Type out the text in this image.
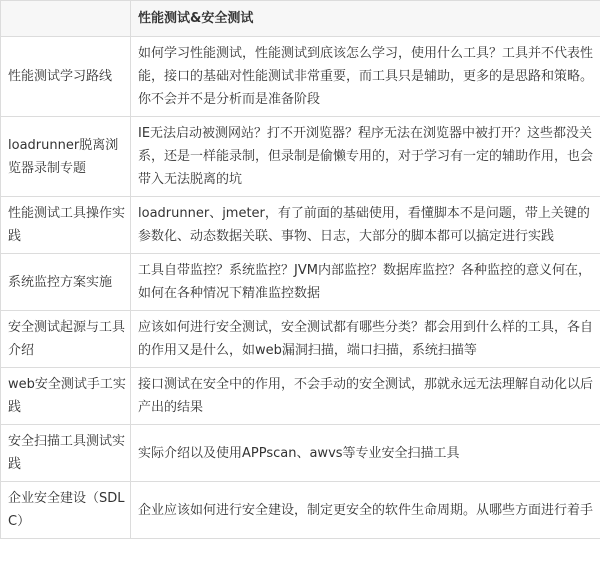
	性能测试&安全测试
性能测试学习路线	如何学习性能测试，性能测试到底该怎么学习，使用什么工具？工具并不代表性能，接口的基础对性能测试非常重要，而工具只是辅助，更多的是思路和策略。你不会并不是分析而是准备阶段
loadrunner脱离浏览器录制专题	IE无法启动被测网站？打不开浏览器？程序无法在浏览器中被打开？这些都没关系，还是一样能录制，但录制是偷懒专用的，对于学习有一定的辅助作用，也会带入无法脱离的坑
性能测试工具操作实践	loadrunner、jmeter，有了前面的基础使用，看懂脚本不是问题，带上关键的参数化、动态数据关联、事物、日志，大部分的脚本都可以搞定进行实践
系统监控方案实施	工具自带监控？系统监控？JVM内部监控？数据库监控？各种监控的意义何在，如何在各种情况下精准监控数据
安全测试起源与工具介绍	应该如何进行安全测试，安全测试都有哪些分类？都会用到什么样的工具，各自的作用又是什么，如web漏洞扫描，端口扫描，系统扫描等
web安全测试手工实践	接口测试在安全中的作用，不会手动的安全测试，那就永远无法理解自动化以后产出的结果
安全扫描工具测试实践	实际介绍以及使用APPscan、awvs等专业安全扫描工具
企业安全建设（SDLC）	企业应该如何进行安全建设，制定更安全的软件生命周期。从哪些方面进行着手
